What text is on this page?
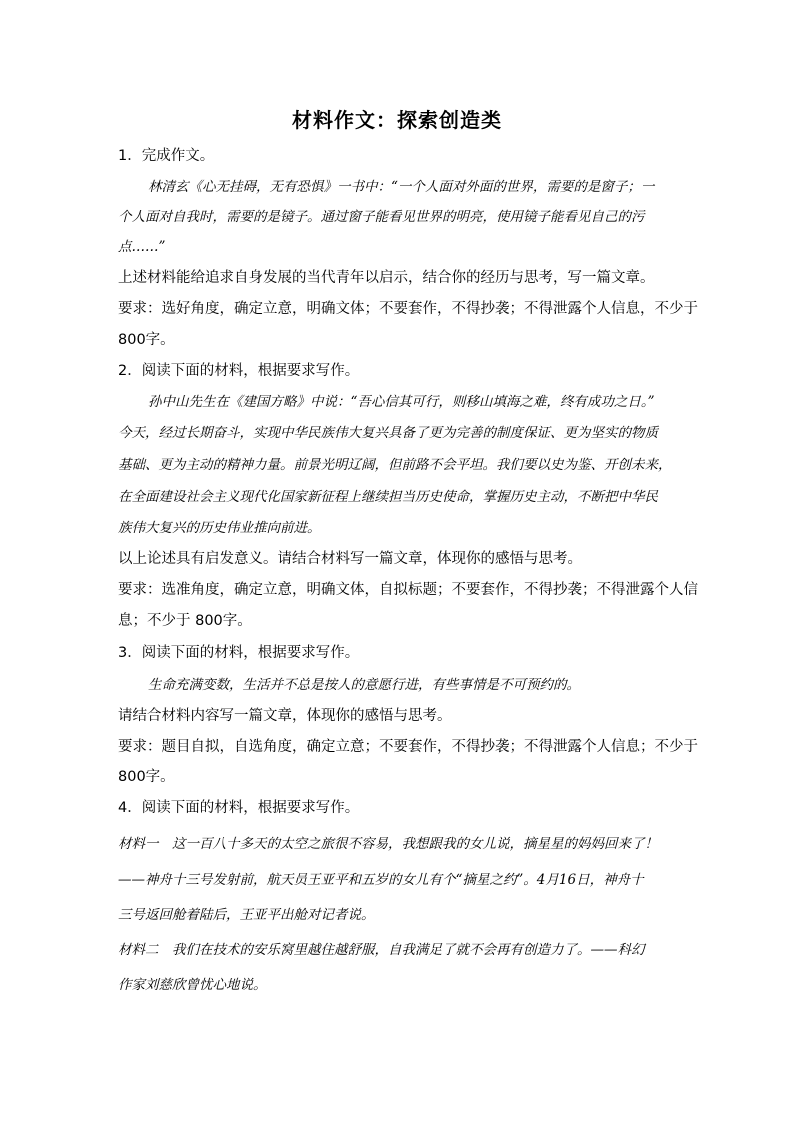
材料作文：探索创造类
1．完成作文。
林清玄《心无挂碍，无有恐惧》一书中：“一个人面对外面的世界，需要的是窗子；一
个人面对自我时，需要的是镜子。通过窗子能看见世界的明亮，使用镜子能看见自己的污
点……”
上述材料能给追求自身发展的当代青年以启示，结合你的经历与思考，写一篇文章。
要求：选好角度，确定立意，明确文体；不要套作，不得抄袭；不得泄露个人信息，不少于
800字。
2．阅读下面的材料，根据要求写作。
孙中山先生在《建国方略》中说：“吾心信其可行，则移山填海之难，终有成功之日。”
今天，经过长期奋斗，实现中华民族伟大复兴具备了更为完善的制度保证、更为坚实的物质
基础、更为主动的精神力量。前景光明辽阔，但前路不会平坦。我们要以史为鉴、开创未来，
在全面建设社会主义现代化国家新征程上继续担当历史使命，掌握历史主动，不断把中华民
族伟大复兴的历史伟业推向前进。
以上论述具有启发意义。请结合材料写一篇文章，体现你的感悟与思考。
要求：选准角度，确定立意，明确文体，自拟标题；不要套作，不得抄袭；不得泄露个人信
息；不少于 800字。
3．阅读下面的材料，根据要求写作。
生命充满变数，生活并不总是按人的意愿行进，有些事情是不可预约的。
请结合材料内容写一篇文章，体现你的感悟与思考。
要求：题目自拟，自选角度，确定立意；不要套作，不得抄袭；不得泄露个人信息；不少于
800字。
4．阅读下面的材料，根据要求写作。
材料一　这一百八十多天的太空之旅很不容易，我想跟我的女儿说，摘星星的妈妈回来了！
——神舟十三号发射前，航天员王亚平和五岁的女儿有个“摘星之约”。4月16日，神舟十
三号返回舱着陆后，王亚平出舱对记者说。
材料二　我们在技术的安乐窝里越住越舒服，自我满足了就不会再有创造力了。——科幻
作家刘慈欣曾忧心地说。
